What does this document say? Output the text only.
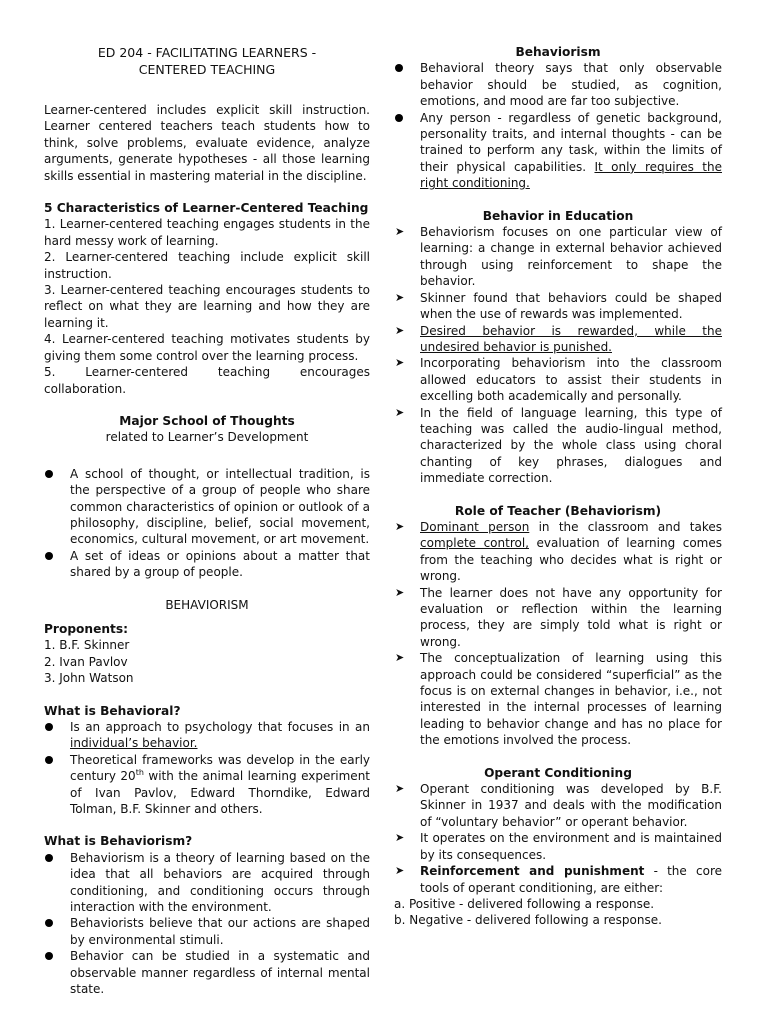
ED 204 - FACILITATING LEARNERS -
CENTERED TEACHING

Learner-centered includes explicit skill instruction. Learner centered teachers teach students how to think, solve problems, evaluate evidence, analyze arguments, generate hypotheses - all those learning skills essential in mastering material in the discipline.

5 Characteristics of Learner-Centered Teaching
1. Learner-centered teaching engages students in the hard messy work of learning.
2. Learner-centered teaching include explicit skill instruction.
3. Learner-centered teaching encourages students to reflect on what they are learning and how they are learning it.
4. Learner-centered teaching motivates students by giving them some control over the learning process.
5. Learner-centered teaching encourages collaboration.
Major School of Thoughts

related to Learner’s Development

A school of thought, or intellectual tradition, is the perspective of a group of people who share common characteristics of opinion or outlook of a philosophy, discipline, belief, social movement, economics, cultural movement, or art movement.
A set of ideas or opinions about a matter that shared by a group of people.

BEHAVIORISM

Proponents:
1. B.F. Skinner
2. Ivan Pavlov
3. John Watson
What is Behavioral?
Is an approach to psychology that focuses in an individual’s behavior.
Theoretical frameworks was develop in the early century 20th with the animal learning experiment of Ivan Pavlov, Edward Thorndike, Edward Tolman, B.F. Skinner and others.
What is Behaviorism?
Behaviorism is a theory of learning based on the idea that all behaviors are acquired through conditioning, and conditioning occurs through interaction with the environment.
Behaviorists believe that our actions are shaped by environmental stimuli.
Behavior can be studied in a systematic and observable manner regardless of internal mental state.
Behaviorism
Behavioral theory says that only observable behavior should be studied, as cognition, emotions, and mood are far too subjective.
Any person - regardless of genetic background, personality traits, and internal thoughts - can be trained to perform any task, within the limits of their physical capabilities. It only requires the right conditioning.
Behavior in Education
➤	Behaviorism focuses on one particular view of learning: a change in external behavior achieved through using reinforcement to shape the behavior.
➤	Skinner found that behaviors could be shaped when the use of rewards was implemented.
➤	Desired behavior is rewarded, while the undesired behavior is punished.
➤	Incorporating behaviorism into the classroom allowed educators to assist their students in excelling both academically and personally.
➤	In the field of language learning, this type of teaching was called the audio-lingual method, characterized by the whole class using choral chanting of key phrases, dialogues and immediate correction.
Role of Teacher (Behaviorism)
➤	Dominant person in the classroom and takes complete control, evaluation of learning comes from the teaching who decides what is right or wrong.
➤	The learner does not have any opportunity for evaluation or reflection within the learning process, they are simply told what is right or wrong.
➤	The conceptualization of learning using this approach could be considered “superficial” as the focus is on external changes in behavior, i.e., not interested in the internal processes of learning leading to behavior change and has no place for the emotions involved the process.
Operant Conditioning
➤	Operant conditioning was developed by B.F. Skinner in 1937 and deals with the modification of “voluntary behavior” or operant behavior.
➤	It operates on the environment and is maintained by its consequences.
➤	Reinforcement and punishment - the core tools of operant conditioning, are either:

a. Positive - delivered following a response.

b. Negative - delivered following a response.
